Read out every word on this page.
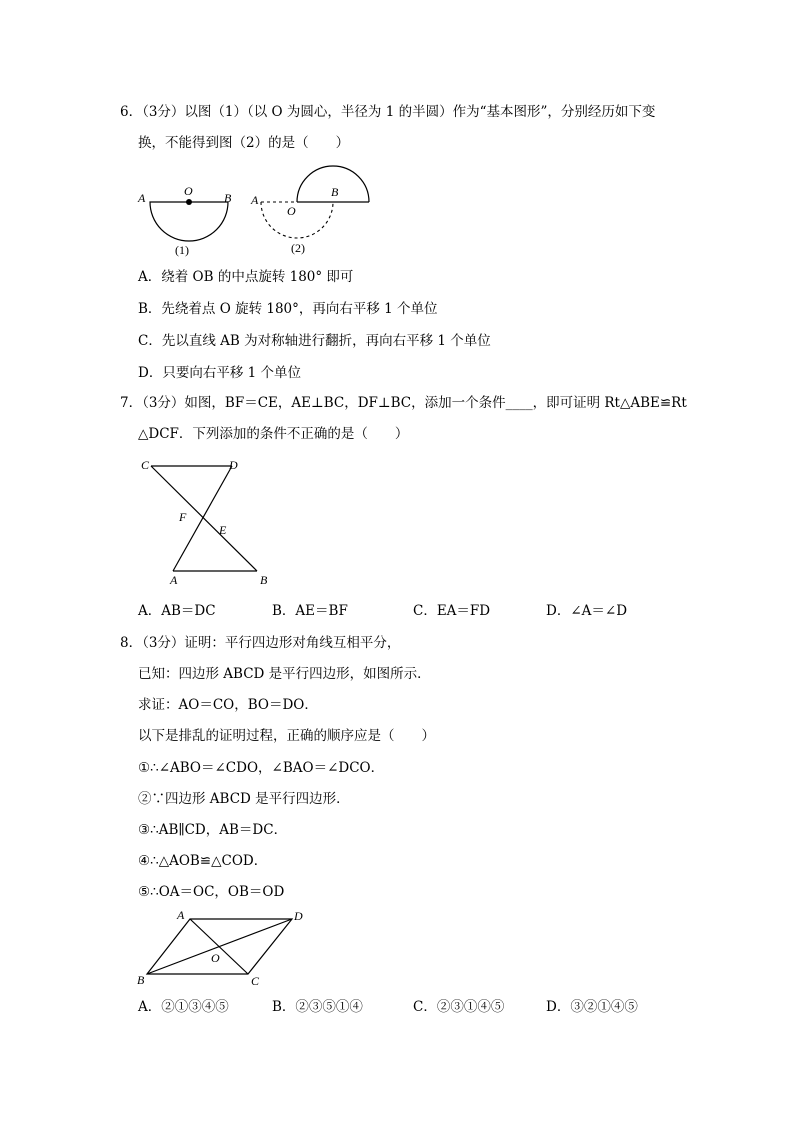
6．（3分）以图（1）（以 O 为圆心，半径为 1 的半圆）作为“基本图形”，分别经历如下变
换，不能得到图（2）的是（　　）
A	O	B
(1)
A
O
B
(2)
A．绕着 OB 的中点旋转 180° 即可
B．先绕着点 O 旋转 180°，再向右平移 1 个单位
C．先以直线 AB 为对称轴进行翻折，再向右平移 1 个单位
D．只要向右平移 1 个单位
7．（3分）如图，BF＝CE，AE⊥BC，DF⊥BC，添加一个条件____，即可证明 Rt△ABE≌Rt
△DCF．下列添加的条件不正确的是（　　）
C	D
F
E
A	B
A．AB＝DC	B．AE＝BF	C．EA＝FD	D．∠A＝∠D
8．（3分）证明：平行四边形对角线互相平分，
已知：四边形 ABCD 是平行四边形，如图所示．
求证：AO＝CO，BO＝DO．
以下是排乱的证明过程，正确的顺序应是（　　）
①∴∠ABO＝∠CDO，∠BAO＝∠DCO．
②∵四边形 ABCD 是平行四边形．
③∴AB∥CD，AB＝DC．
④∴△AOB≌△COD．
⑤∴OA＝OC，OB＝OD
A	D
O
B	C
A．②①③④⑤	B．②③⑤①④	C．②③①④⑤	D．③②①④⑤
